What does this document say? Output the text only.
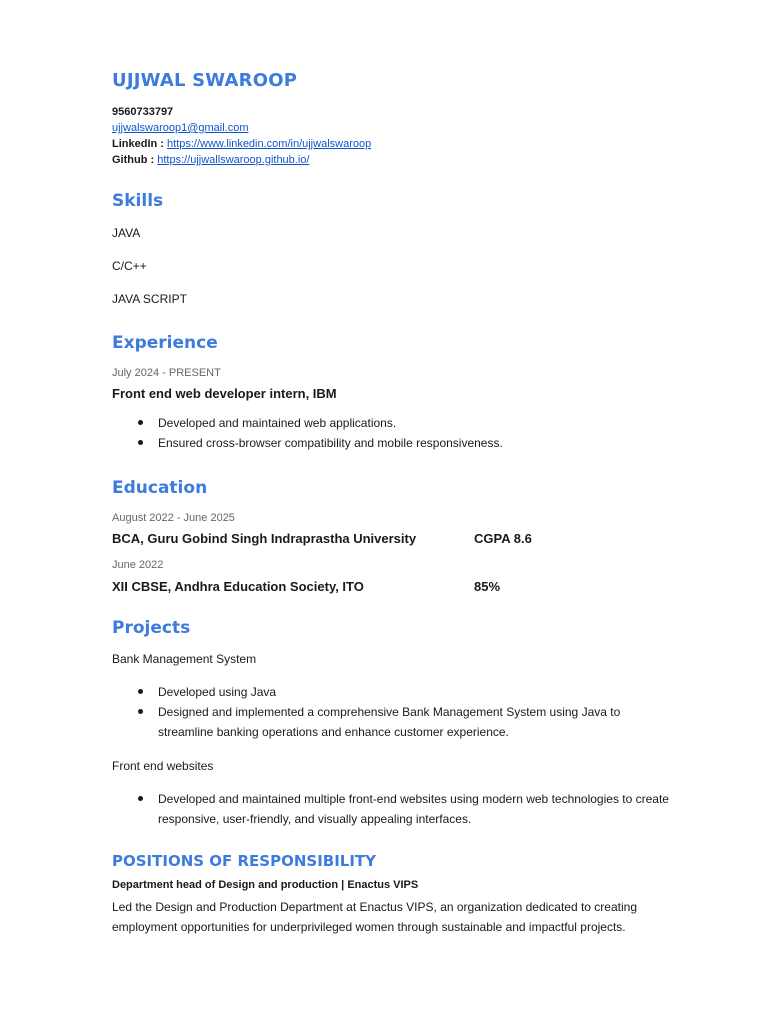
UJJWAL SWAROOP
9560733797
ujjwalswaroop1@gmail.com
LinkedIn : https://www.linkedin.com/in/ujjwalswaroop
Github : https://ujjwallswaroop.github.io/
Skills
JAVA
C/C++
JAVA SCRIPT
Experience
July 2024 - PRESENT
Front end web developer intern, IBM
Developed and maintained web applications.
Ensured cross-browser compatibility and mobile responsiveness.
Education
August 2022 - June 2025
BCA, Guru Gobind Singh Indraprastha University	CGPA 8.6
June 2022
XII CBSE, Andhra Education Society, ITO	85%
Projects
Bank Management System
Developed using Java
Designed and implemented a comprehensive Bank Management System using Java to streamline banking operations and enhance customer experience.
Front end websites
Developed and maintained multiple front-end websites using modern web technologies to create responsive, user-friendly, and visually appealing interfaces.
POSITIONS OF RESPONSIBILITY
Department head of Design and production | Enactus VIPS
Led the Design and Production Department at Enactus VIPS, an organization dedicated to creating employment opportunities for underprivileged women through sustainable and impactful projects.
